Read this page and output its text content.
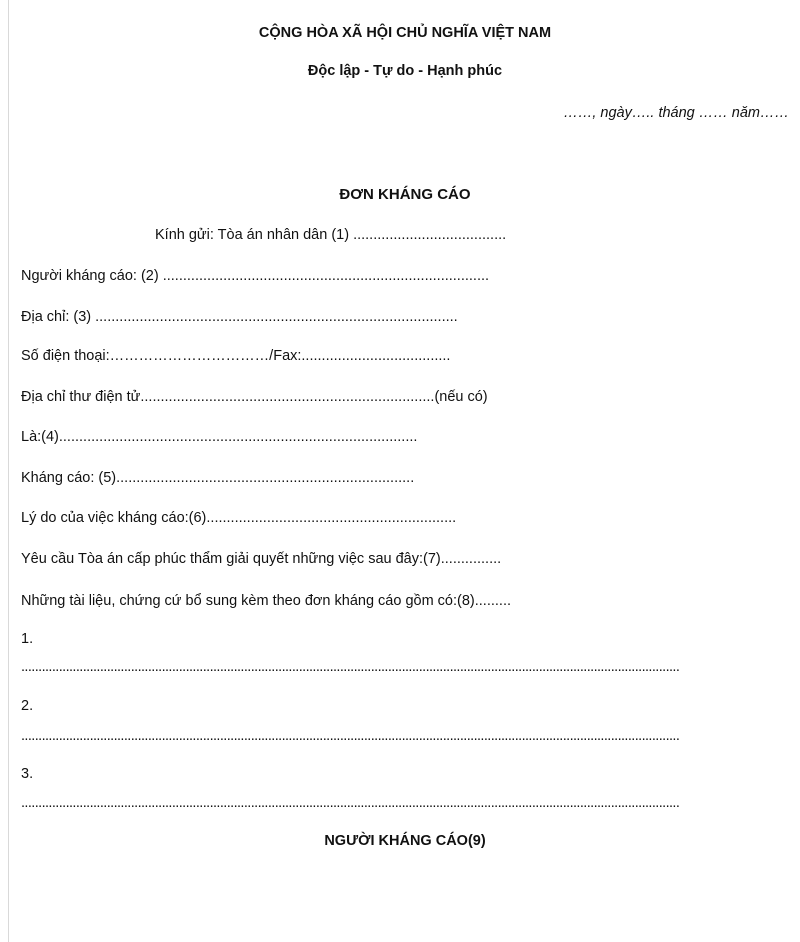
CỘNG HÒA XÃ HỘI CHỦ NGHĨA VIỆT NAM
Độc lập - Tự do - Hạnh phúc
……, ngày….. tháng …… năm……
ĐƠN KHÁNG CÁO
Kính gửi: Tòa án nhân dân (1) ......................................
Người kháng cáo: (2) .................................................................................
Địa chỉ: (3) ..........................................................................................
Số điện thoại:……………………………/Fax:.....................................
Địa chỉ thư điện tử.........................................................................(nếu có)
Là:(4).........................................................................................
Kháng cáo: (5)..........................................................................
Lý do của việc kháng cáo:(6)..............................................................
Yêu cầu Tòa án cấp phúc thẩm giải quyết những việc sau đây:(7)...............
Những tài liệu, chứng cứ bổ sung kèm theo đơn kháng cáo gồm có:(8).........
1.
................................................................................................................................................................................................
2.
................................................................................................................................................................................................
3.
................................................................................................................................................................................................
NGƯỜI KHÁNG CÁO(9)
